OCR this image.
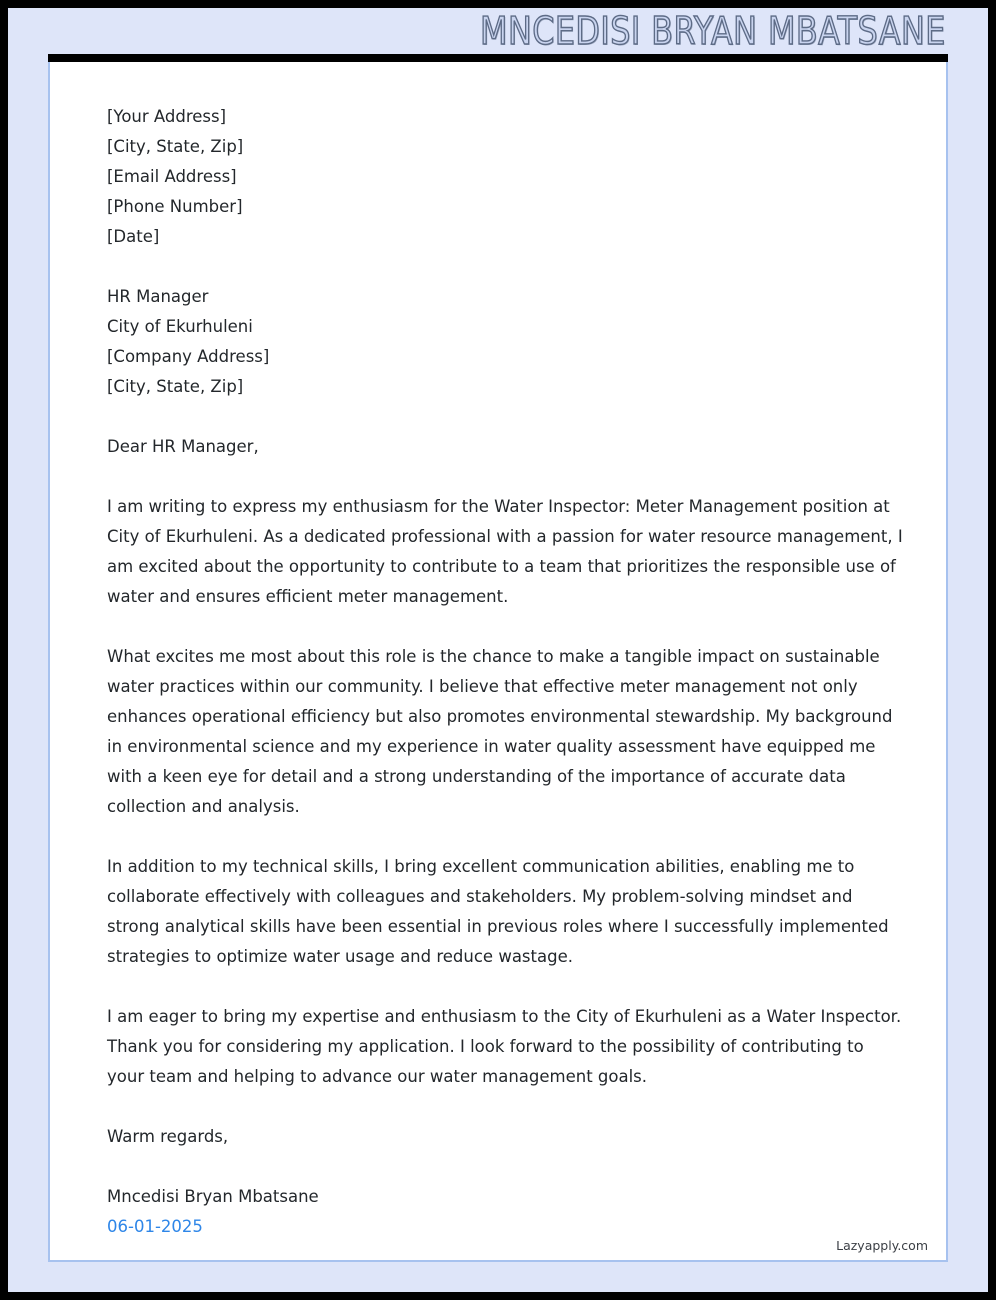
MNCEDISI BRYAN MBATSANE
[Your Address]
[City, State, Zip]
[Email Address]
[Phone Number]
[Date]
HR Manager
City of Ekurhuleni
[Company Address]
[City, State, Zip]

Dear HR Manager,

I am writing to express my enthusiasm for the Water Inspector: Meter Management position at City of Ekurhuleni. As a dedicated professional with a passion for water resource management, I am excited about the opportunity to contribute to a team that prioritizes the responsible use of water and ensures efficient meter management.

What excites me most about this role is the chance to make a tangible impact on sustainable water practices within our community. I believe that effective meter management not only enhances operational efficiency but also promotes environmental stewardship. My background in environmental science and my experience in water quality assessment have equipped me with a keen eye for detail and a strong understanding of the importance of accurate data collection and analysis.

In addition to my technical skills, I bring excellent communication abilities, enabling me to collaborate effectively with colleagues and stakeholders. My problem-solving mindset and strong analytical skills have been essential in previous roles where I successfully implemented strategies to optimize water usage and reduce wastage.

I am eager to bring my expertise and enthusiasm to the City of Ekurhuleni as a Water Inspector. Thank you for considering my application. I look forward to the possibility of contributing to your team and helping to advance our water management goals.

Warm regards,

Mncedisi Bryan Mbatsane

06-01-2025

Lazyapply.com
